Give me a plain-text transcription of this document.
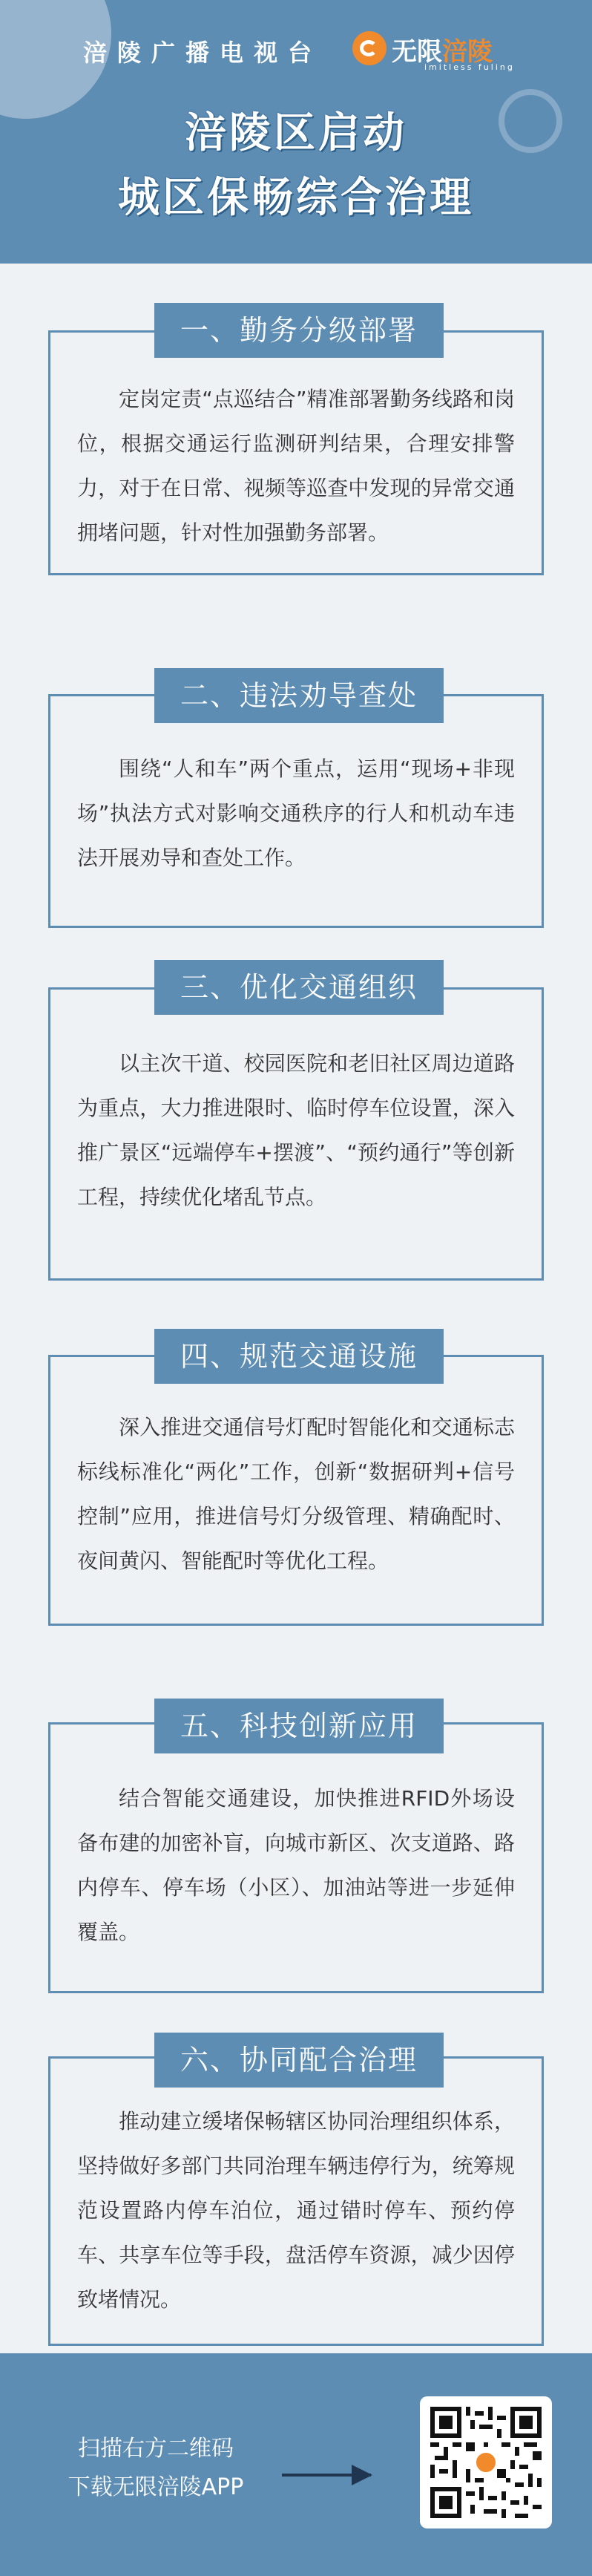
涪陵广播电视台	无限涪陵
imitless fuling
涪陵区启动
城区保畅综合治理
一、勤务分级部署
定岗定责“点巡结合”精准部署勤务线路和岗位，根据交通运行监测研判结果，合理安排警力，对于在日常、视频等巡查中发现的异常交通拥堵问题，针对性加强勤务部署。
二、违法劝导查处
围绕“人和车”两个重点，运用“现场+非现场”执法方式对影响交通秩序的行人和机动车违法开展劝导和查处工作。
三、优化交通组织
以主次干道、校园医院和老旧社区周边道路为重点，大力推进限时、临时停车位设置，深入推广景区“远端停车+摆渡”、“预约通行”等创新工程，持续优化堵乱节点。
四、规范交通设施
深入推进交通信号灯配时智能化和交通标志标线标准化“两化”工作，创新“数据研判+信号控制”应用，推进信号灯分级管理、精确配时、夜间黄闪、智能配时等优化工程。
五、科技创新应用
结合智能交通建设，加快推进RFID外场设备布建的加密补盲，向城市新区、次支道路、路内停车、停车场（小区）、加油站等进一步延伸覆盖。
六、协同配合治理
推动建立缓堵保畅辖区协同治理组织体系，坚持做好多部门共同治理车辆违停行为，统筹规范设置路内停车泊位，通过错时停车、预约停车、共享车位等手段，盘活停车资源，减少因停致堵情况。
扫描右方二维码
下载无限涪陵APP
